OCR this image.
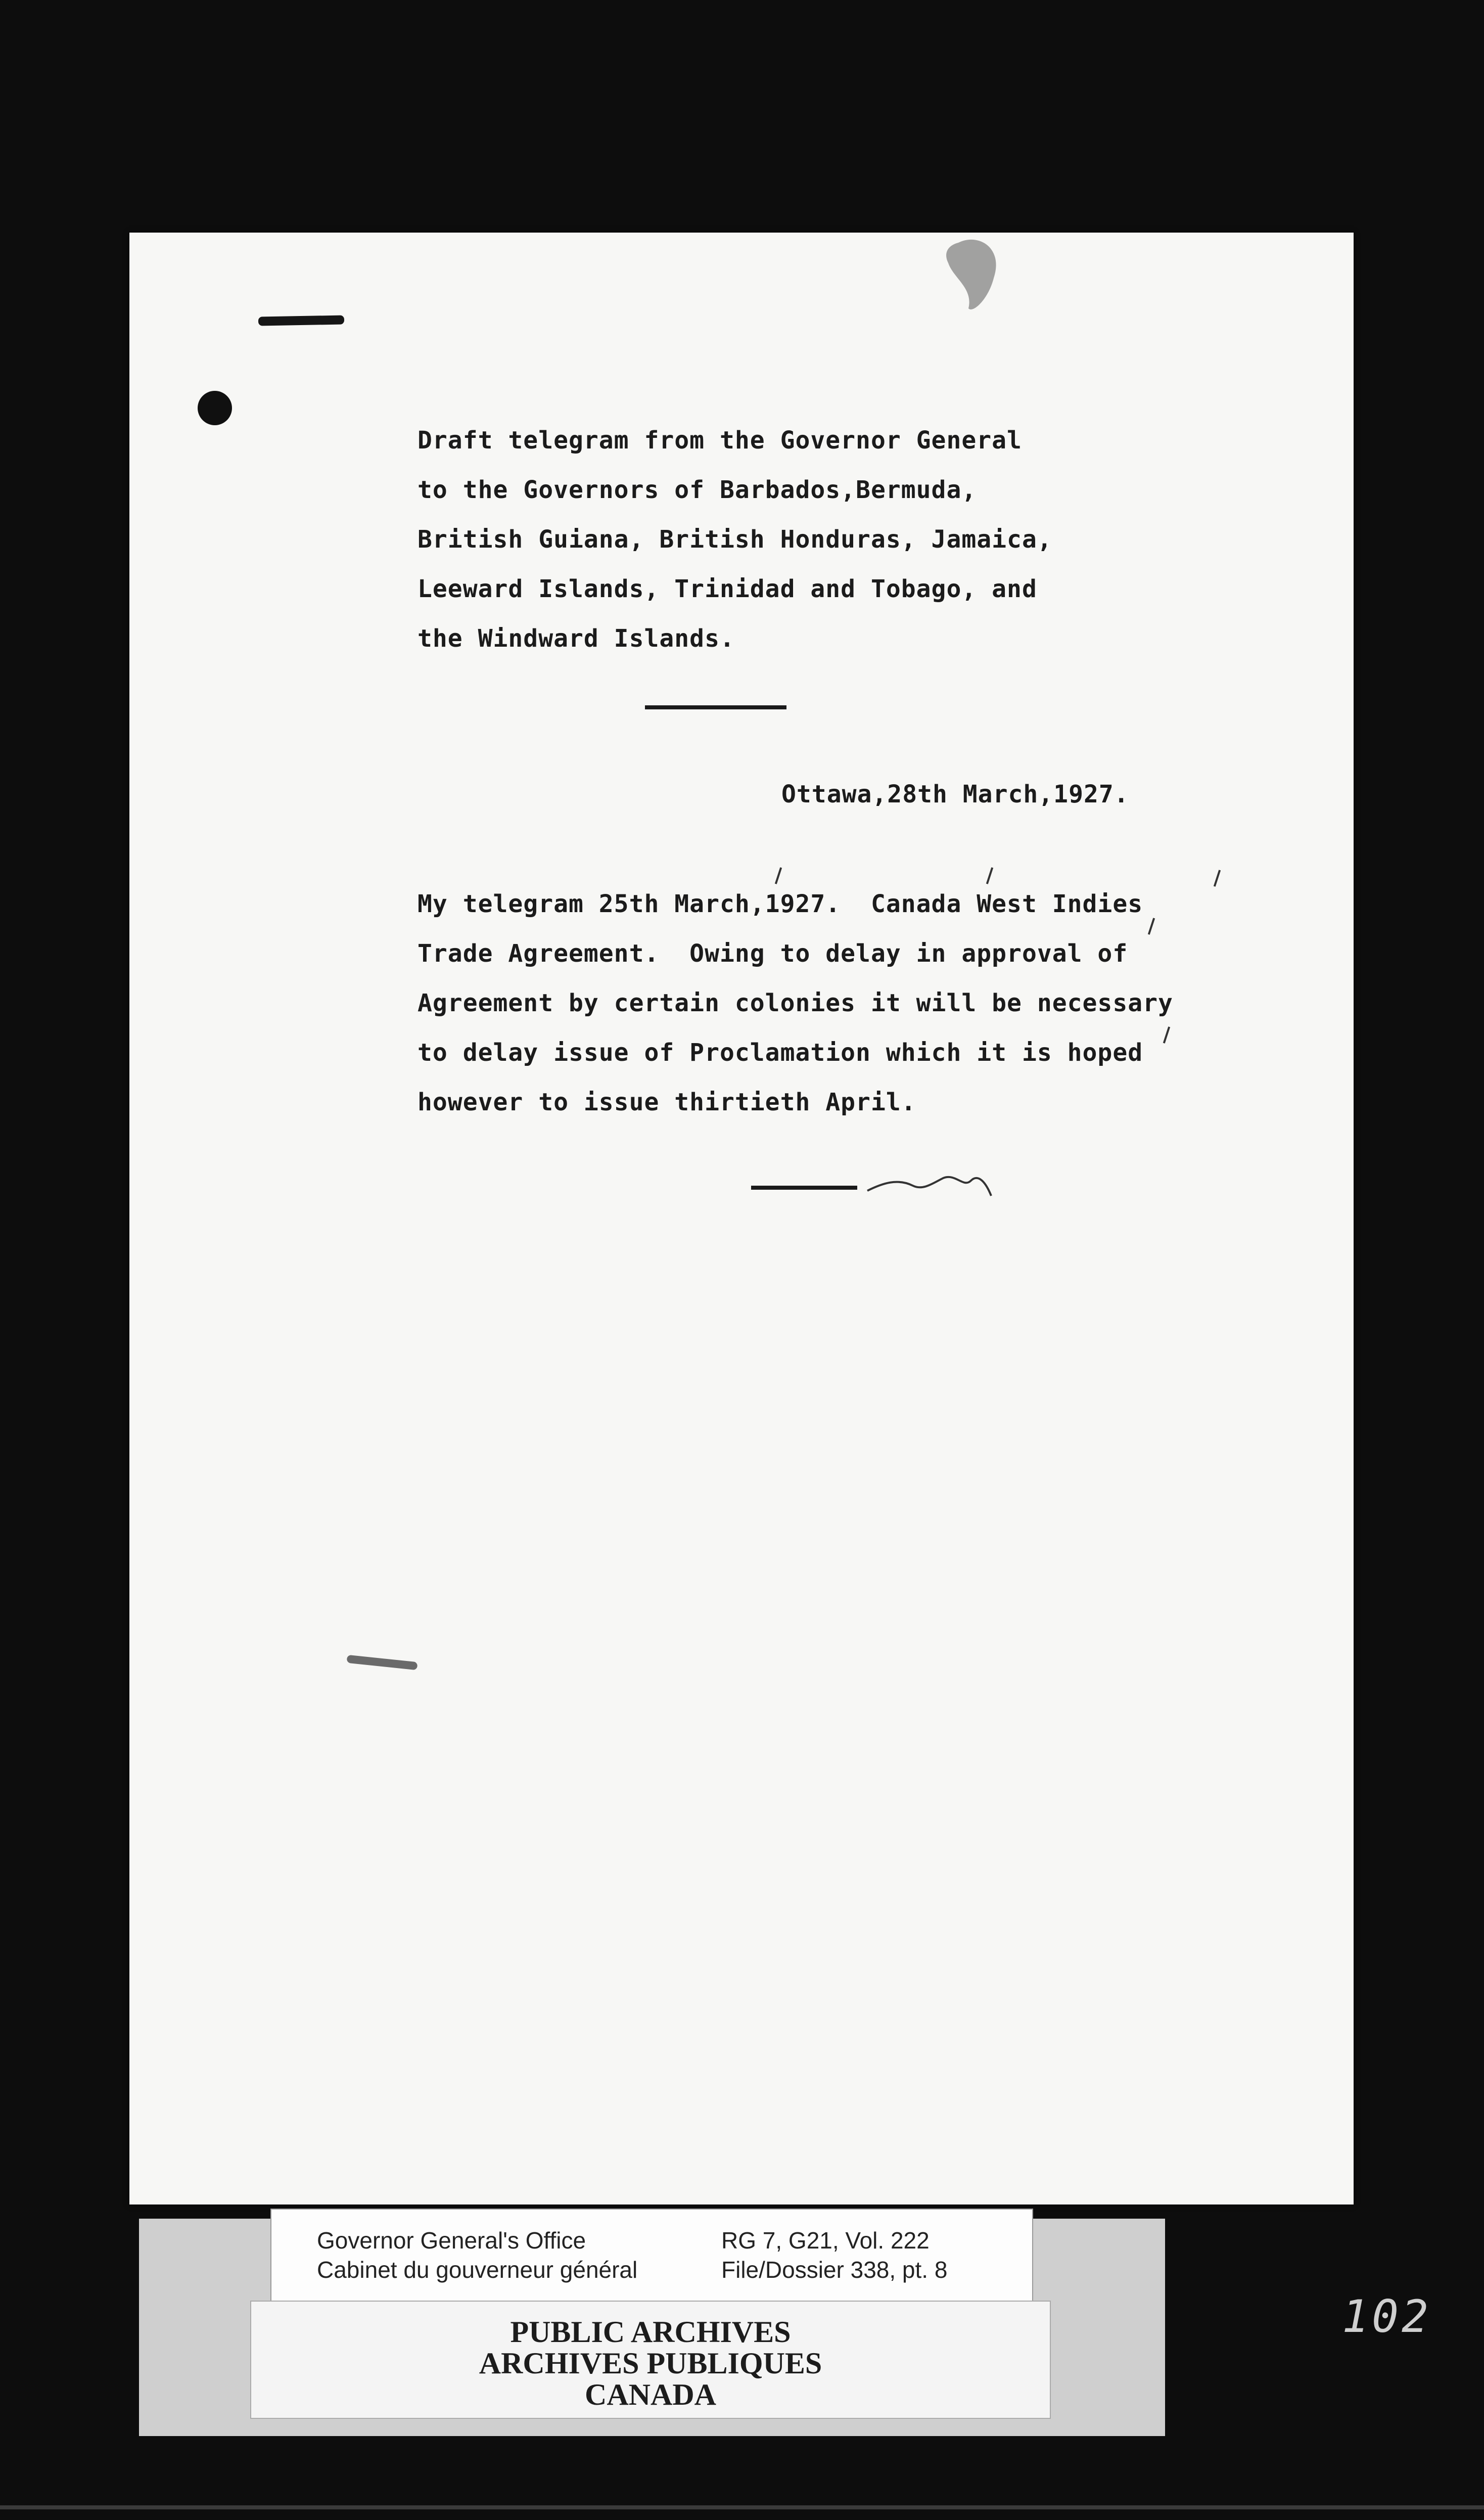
Draft telegram from the Governor General
to the Governors of Barbados,Bermuda,
British Guiana, British Honduras, Jamaica,
Leeward Islands, Trinidad and Tobago, and
the Windward Islands.
Ottawa,28th March,1927.
My telegram 25th March,1927.  Canada West Indies
Trade Agreement.  Owing to delay in approval of
Agreement by certain colonies it will be necessary
to delay issue of Proclamation which it is hoped
however to issue thirtieth April.
Governor General's Office
Cabinet du gouverneur général
RG 7, G21, Vol. 222
File/Dossier 338, pt. 8
PUBLIC ARCHIVES
ARCHIVES PUBLIQUES
CANADA
102
